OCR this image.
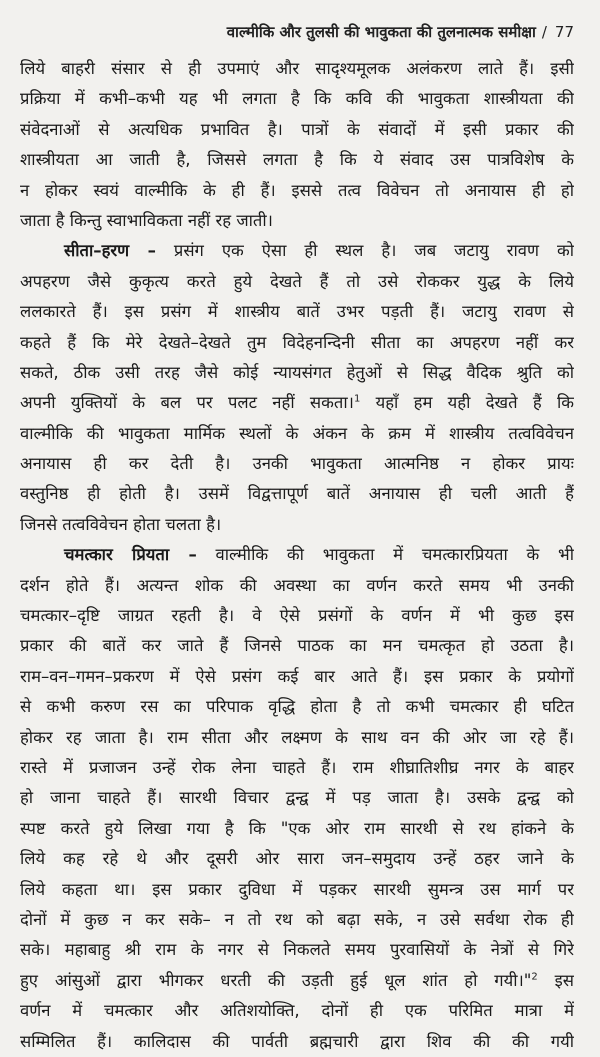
वाल्मीकि और तुलसी की भावुकता की तुलनात्मक समीक्षा / 77
लिये बाहरी संसार से ही उपमाएं और सादृश्यमूलक अलंकरण लाते हैं। इसी
प्रक्रिया में कभी–कभी यह भी लगता है कि कवि की भावुकता शास्त्रीयता की
संवेदनाओं से अत्यधिक प्रभावित है। पात्रों के संवादों में इसी प्रकार की
शास्त्रीयता आ जाती है, जिससे लगता है कि ये संवाद उस पात्रविशेष के
न होकर स्वयं वाल्मीकि के ही हैं। इससे तत्व विवेचन तो अनायास ही हो
जाता है किन्तु स्वाभाविकता नहीं रह जाती।
सीता–हरण – प्रसंग एक ऐसा ही स्थल है। जब जटायु रावण को
अपहरण जैसे कुकृत्य करते हुये देखते हैं तो उसे रोककर युद्ध के लिये
ललकारते हैं। इस प्रसंग में शास्त्रीय बातें उभर पड़ती हैं। जटायु रावण से
कहते हैं कि मेरे देखते–देखते तुम विदेहनन्दिनी सीता का अपहरण नहीं कर
सकते, ठीक उसी तरह जैसे कोई न्यायसंगत हेतुओं से सिद्ध वैदिक श्रुति को
अपनी युक्तियों के बल पर पलट नहीं सकता।$^1$ यहाँ हम यही देखते हैं कि
वाल्मीकि की भावुकता मार्मिक स्थलों के अंकन के क्रम में शास्त्रीय तत्वविवेचन
अनायास ही कर देती है। उनकी भावुकता आत्मनिष्ठ न होकर प्रायः
वस्तुनिष्ठ ही होती है। उसमें विद्वत्तापूर्ण बातें अनायास ही चली आती हैं
जिनसे तत्वविवेचन होता चलता है।
चमत्कार प्रियता – वाल्मीकि की भावुकता में चमत्कारप्रियता के भी
दर्शन होते हैं। अत्यन्त शोक की अवस्था का वर्णन करते समय भी उनकी
चमत्कार–दृष्टि जाग्रत रहती है। वे ऐसे प्रसंगों के वर्णन में भी कुछ इस
प्रकार की बातें कर जाते हैं जिनसे पाठक का मन चमत्कृत हो उठता है।
राम–वन–गमन–प्रकरण में ऐसे प्रसंग कई बार आते हैं। इस प्रकार के प्रयोगों
से कभी करुण रस का परिपाक वृद्धि होता है तो कभी चमत्कार ही घटित
होकर रह जाता है। राम सीता और लक्ष्मण के साथ वन की ओर जा रहे हैं।
रास्ते में प्रजाजन उन्हें रोक लेना चाहते हैं। राम शीघ्रातिशीघ्र नगर के बाहर
हो जाना चाहते हैं। सारथी विचार द्वन्द्व में पड़ जाता है। उसके द्वन्द्व को
स्पष्ट करते हुये लिखा गया है कि "एक ओर राम सारथी से रथ हांकने के
लिये कह रहे थे और दूसरी ओर सारा जन–समुदाय उन्हें ठहर जाने के
लिये कहता था। इस प्रकार दुविधा में पड़कर सारथी सुमन्त्र उस मार्ग पर
दोनों में कुछ न कर सके– न तो रथ को बढ़ा सके, न उसे सर्वथा रोक ही
सके। महाबाहु श्री राम के नगर से निकलते समय पुरवासियों के नेत्रों से गिरे
हुए आंसुओं द्वारा भीगकर धरती की उड़ती हुई धूल शांत हो गयी।"$^2$ इस
वर्णन में चमत्कार और अतिशयोक्ति, दोनों ही एक परिमित मात्रा में
सम्मिलित हैं। कालिदास की पार्वती ब्रह्मचारी द्वारा शिव की की गयी
